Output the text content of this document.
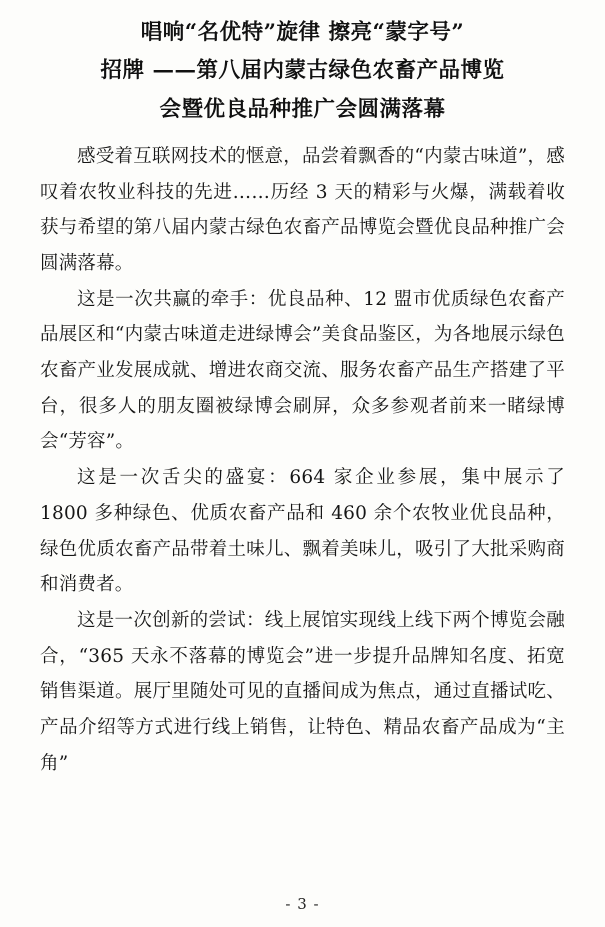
唱响“名优特”旋律 擦亮“蒙字号”
招牌 ——第八届内蒙古绿色农畜产品博览
会暨优良品种推广会圆满落幕

感受着互联网技术的惬意，品尝着飘香的“内蒙古味道”，感叹着农牧业科技的先进……历经 3 天的精彩与火爆，满载着收获与希望的第八届内蒙古绿色农畜产品博览会暨优良品种推广会圆满落幕。

这是一次共赢的牵手：优良品种、12 盟市优质绿色农畜产品展区和“内蒙古味道走进绿博会”美食品鉴区，为各地展示绿色农畜产业发展成就、增进农商交流、服务农畜产品生产搭建了平台，很多人的朋友圈被绿博会刷屏，众多参观者前来一睹绿博会“芳容”。

这是一次舌尖的盛宴：664 家企业参展，集中展示了 1800 多种绿色、优质农畜产品和 460 余个农牧业优良品种，绿色优质农畜产品带着土味儿、飘着美味儿，吸引了大批采购商和消费者。

这是一次创新的尝试：线上展馆实现线上线下两个博览会融合，“365 天永不落幕的博览会”进一步提升品牌知名度、拓宽销售渠道。展厅里随处可见的直播间成为焦点，通过直播试吃、产品介绍等方式进行线上销售，让特色、精品农畜产品成为“主角”

- 3 -
